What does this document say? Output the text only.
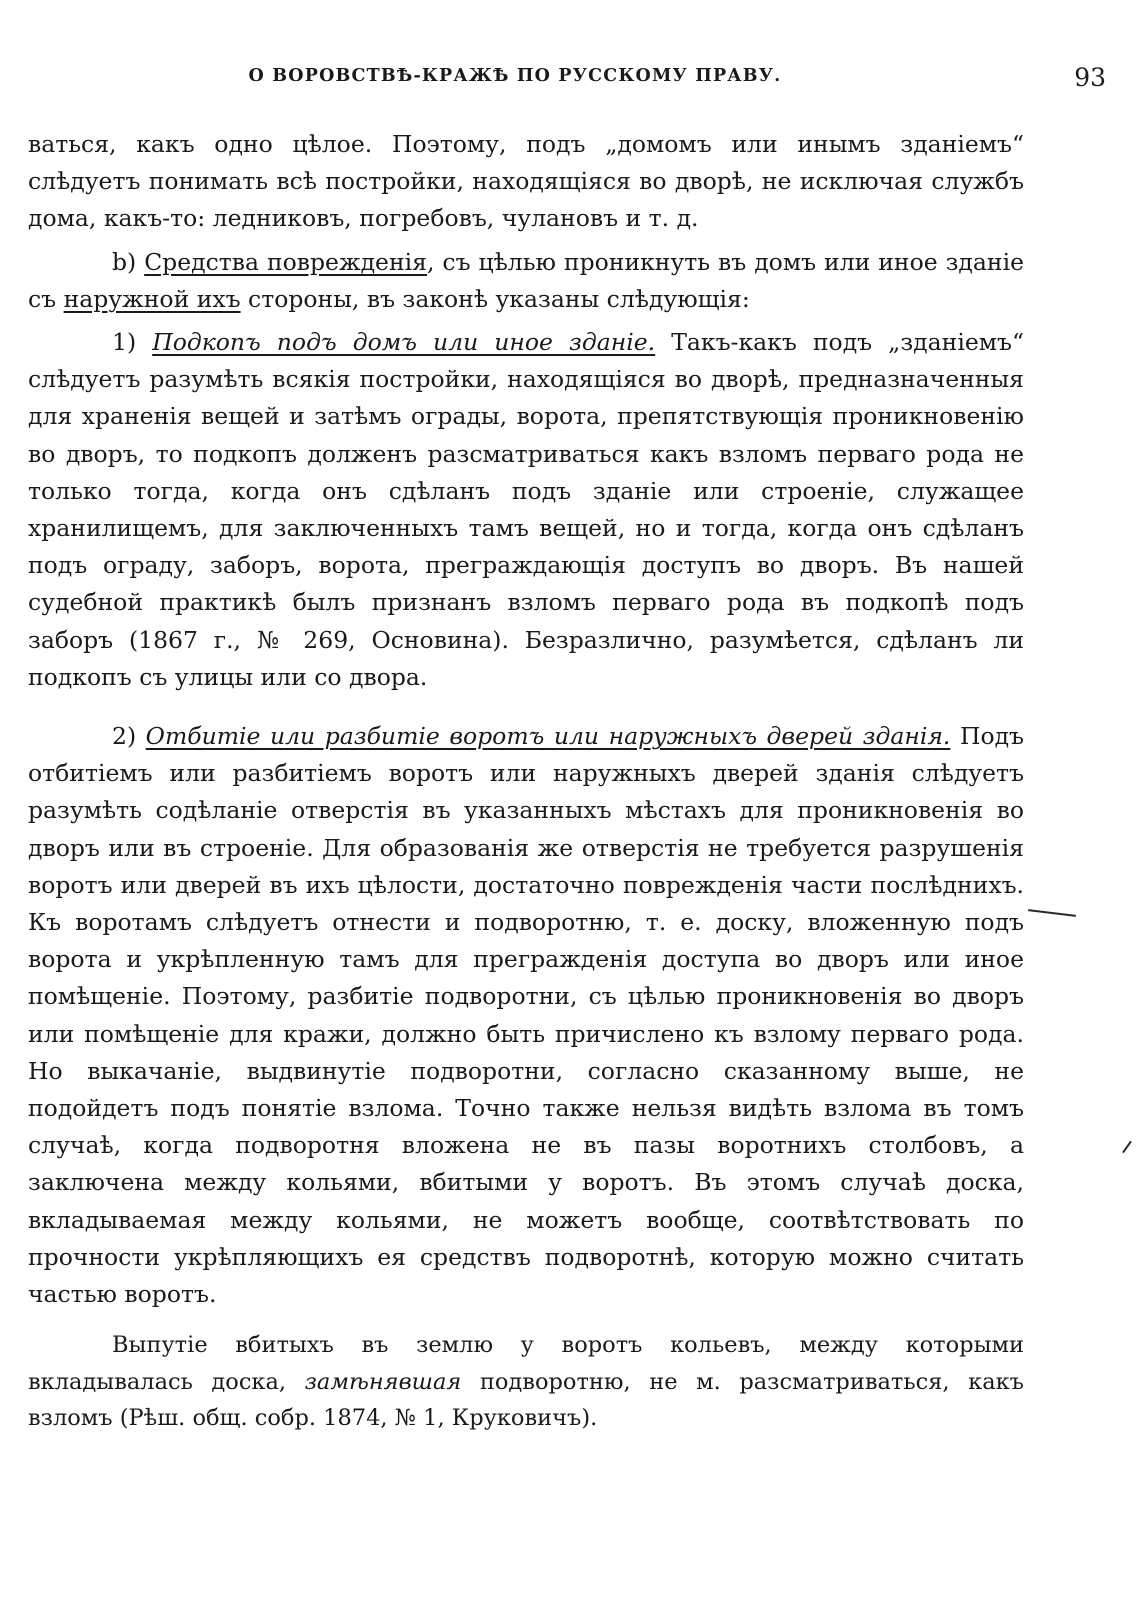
О ВОРОВСТВѢ-КРАЖѢ ПО РУССКОМУ ПРАВУ.	93

ваться, какъ одно цѣлое. Поэтому, подъ „домомъ или инымъ зданіемъ“ слѣдуетъ понимать всѣ постройки, находящіяся во дворѣ, не исключая службъ дома, какъ-то: ледниковъ, погребовъ, чулановъ и т. д.

b) Средства поврежденія, съ цѣлью проникнуть въ домъ или иное зданіе съ наружной ихъ стороны, въ законѣ указаны слѣдующія:

1) Подкопъ подъ домъ или иное зданіе. Такъ-какъ подъ „зданіемъ“ слѣдуетъ разумѣть всякія постройки, находящіяся во дворѣ, предназначенныя для храненія вещей и затѣмъ ограды, ворота, препятствующія проникновенію во дворъ, то подкопъ долженъ разсматриваться какъ взломъ перваго рода не только тогда, когда онъ сдѣланъ подъ зданіе или строеніе, служащее хранилищемъ, для заключенныхъ тамъ вещей, но и тогда, когда онъ сдѣланъ подъ ограду, заборъ, ворота, преграждающія доступъ во дворъ. Въ нашей судебной практикѣ былъ признанъ взломъ перваго рода въ подкопѣ подъ заборъ (1867 г., № 269, Основина). Безразлично, разумѣется, сдѣланъ ли подкопъ съ улицы или со двора.

2) Отбитіе или разбитіе воротъ или наружныхъ дверей зданія. Подъ отбитіемъ или разбитіемъ воротъ или наружныхъ дверей зданія слѣдуетъ разумѣть содѣланіе отверстія въ указанныхъ мѣстахъ для проникновенія во дворъ или въ строеніе. Для образованія же отверстія не требуется разрушенія воротъ или дверей въ ихъ цѣлости, достаточно поврежденія части послѣднихъ. Къ воротамъ слѣдуетъ отнести и подворотню, т. е. доску, вложенную подъ ворота и укрѣпленную тамъ для прегражденія доступа во дворъ или иное помѣщеніе. Поэтому, разбитіе подворотни, съ цѣлью проникновенія во дворъ или помѣщеніе для кражи, должно быть причислено къ взлому перваго рода. Но выкачаніе, выдвинутіе подворотни, согласно сказанному выше, не подойдетъ подъ понятіе взлома. Точно также нельзя видѣть взлома въ томъ случаѣ, когда подворотня вложена не въ пазы воротнихъ столбовъ, а заключена между кольями, вбитыми у воротъ. Въ этомъ случаѣ доска, вкладываемая между кольями, не можетъ вообще, соотвѣтствовать по прочности укрѣпляющихъ ея средствъ подворотнѣ, которую можно считать частью воротъ.

Выпутіе вбитыхъ въ землю у воротъ кольевъ, между которыми вкладывалась доска, замѣнявшая подворотню, не м. разсматриваться, какъ взломъ (Рѣш. общ. собр. 1874, № 1, Круковичъ).
